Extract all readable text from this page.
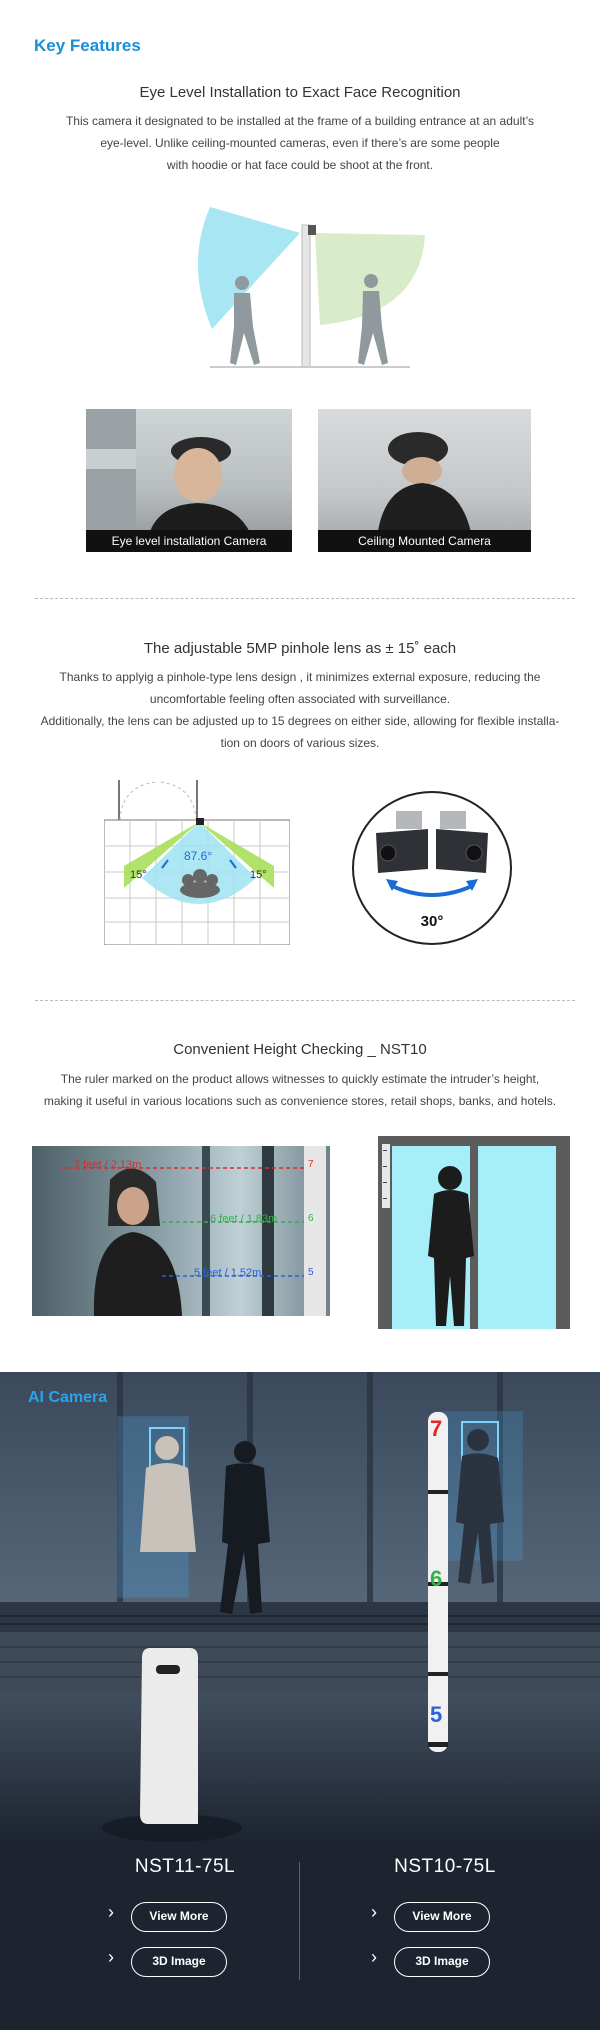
Key Features
Eye Level Installation to Exact Face Recognition
This camera it designated to be installed at the frame of a building entrance at an adult’s
eye-level. Unlike ceiling-mounted cameras, even if there’s are some people
with hoodie or hat face could be shoot at the front.
Eye level installation Camera	Ceiling Mounted Camera
The adjustable 5MP pinhole lens as ± 15˚ each
Thanks to applyig a pinhole-type lens design , it minimizes external exposure, reducing the
uncomfortable feeling often associated with surveillance.
Additionally, the lens can be adjusted up to 15 degrees on either side, allowing for flexible installa-
tion on doors of various sizes.
87.6°
15°	15°
30°
Convenient Height Checking _ NST10
The ruler marked on the product allows witnesses to quickly estimate the intruder’s height,
making it useful in various locations such as convenience stores, retail shops, banks, and hotels.
7 feet / 2.13m
6 feet / 1.83m
5 feet / 1.52m
7
6
5
AI Camera
7
6
5
NST11-75L	NST10-75L
›	View More
›	3D Image
›	View More
›	3D Image
